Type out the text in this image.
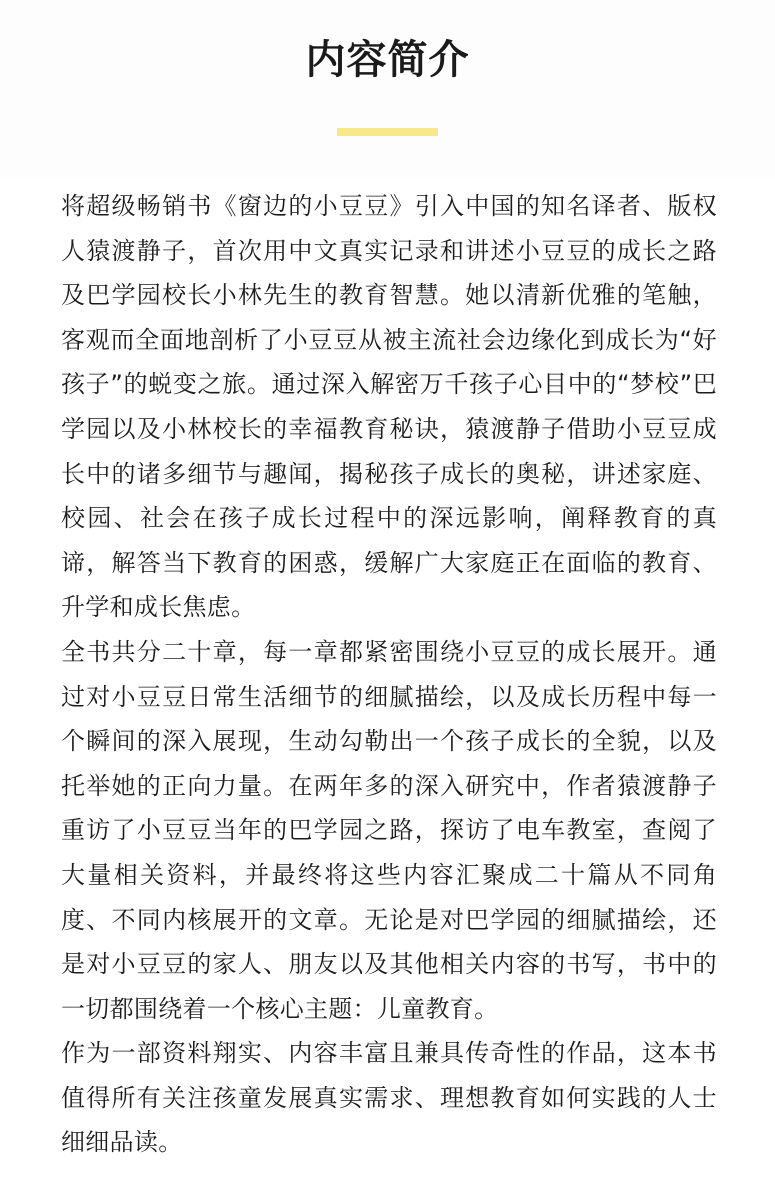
内容简介

将超级畅销书《窗边的小豆豆》引入中国的知名译者、版权人猿渡静子，首次用中文真实记录和讲述小豆豆的成长之路及巴学园校长小林先生的教育智慧。她以清新优雅的笔触，客观而全面地剖析了小豆豆从被主流社会边缘化到成长为“好孩子”的蜕变之旅。通过深入解密万千孩子心目中的“梦校”巴学园以及小林校长的幸福教育秘诀，猿渡静子借助小豆豆成长中的诸多细节与趣闻，揭秘孩子成长的奥秘，讲述家庭、校园、社会在孩子成长过程中的深远影响，阐释教育的真谛，解答当下教育的困惑，缓解广大家庭正在面临的教育、升学和成长焦虑。

全书共分二十章，每一章都紧密围绕小豆豆的成长展开。通过对小豆豆日常生活细节的细腻描绘，以及成长历程中每一个瞬间的深入展现，生动勾勒出一个孩子成长的全貌，以及托举她的正向力量。在两年多的深入研究中，作者猿渡静子重访了小豆豆当年的巴学园之路，探访了电车教室，查阅了大量相关资料，并最终将这些内容汇聚成二十篇从不同角度、不同内核展开的文章。无论是对巴学园的细腻描绘，还是对小豆豆的家人、朋友以及其他相关内容的书写，书中的一切都围绕着一个核心主题：儿童教育。

作为一部资料翔实、内容丰富且兼具传奇性的作品，这本书值得所有关注孩童发展真实需求、理想教育如何实践的人士细细品读。
